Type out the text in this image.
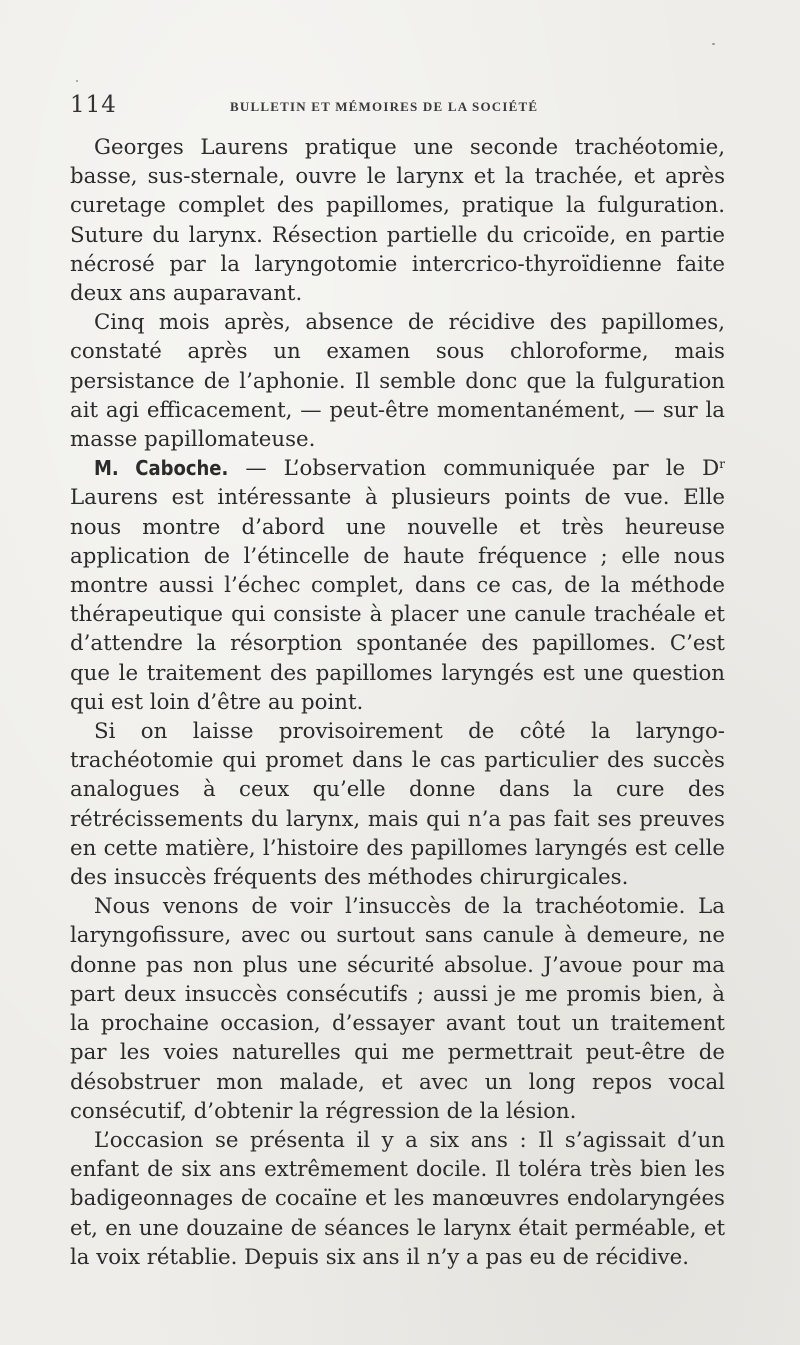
114	BULLETIN ET MÉMOIRES DE LA SOCIÉTÉ

Georges Laurens pratique une seconde trachéotomie, basse, sus-sternale, ouvre le larynx et la trachée, et après curetage complet des papillomes, pratique la fulguration. Suture du larynx. Résection partielle du cricoïde, en partie nécrosé par la laryngotomie intercrico-thyroïdienne faite deux ans auparavant.

Cinq mois après, absence de récidive des papillomes, constaté après un examen sous chloroforme, mais persistance de l’aphonie. Il semble donc que la fulguration ait agi efficacement, — peut-être momentanément, — sur la masse papillomateuse.

M. Caboche. — L’observation communiquée par le $D^r$ Laurens est intéressante à plusieurs points de vue. Elle nous montre d’abord une nouvelle et très heureuse application de l’étincelle de haute fréquence ; elle nous montre aussi l’échec complet, dans ce cas, de la méthode thérapeutique qui consiste à placer une canule trachéale et d’attendre la résorption spontanée des papillomes. C’est que le traitement des papillomes laryngés est une question qui est loin d’être au point.

Si on laisse provisoirement de côté la laryngo-trachéotomie qui promet dans le cas particulier des succès analogues à ceux qu’elle donne dans la cure des rétrécissements du larynx, mais qui n’a pas fait ses preuves en cette matière, l’histoire des papillomes laryngés est celle des insuccès fréquents des méthodes chirurgicales.

Nous venons de voir l’insuccès de la trachéotomie. La laryngofissure, avec ou surtout sans canule à demeure, ne donne pas non plus une sécurité absolue. J’avoue pour ma part deux insuccès consécutifs ; aussi je me promis bien, à la prochaine occasion, d’essayer avant tout un traitement par les voies naturelles qui me permettrait peut-être de désobstruer mon malade, et avec un long repos vocal consécutif, d’obtenir la régression de la lésion.

L’occasion se présenta il y a six ans : Il s’agissait d’un enfant de six ans extrêmement docile. Il toléra très bien les badigeonnages de cocaïne et les manœuvres endolaryngées et, en une douzaine de séances le larynx était perméable, et la voix rétablie. Depuis six ans il n’y a pas eu de récidive.
